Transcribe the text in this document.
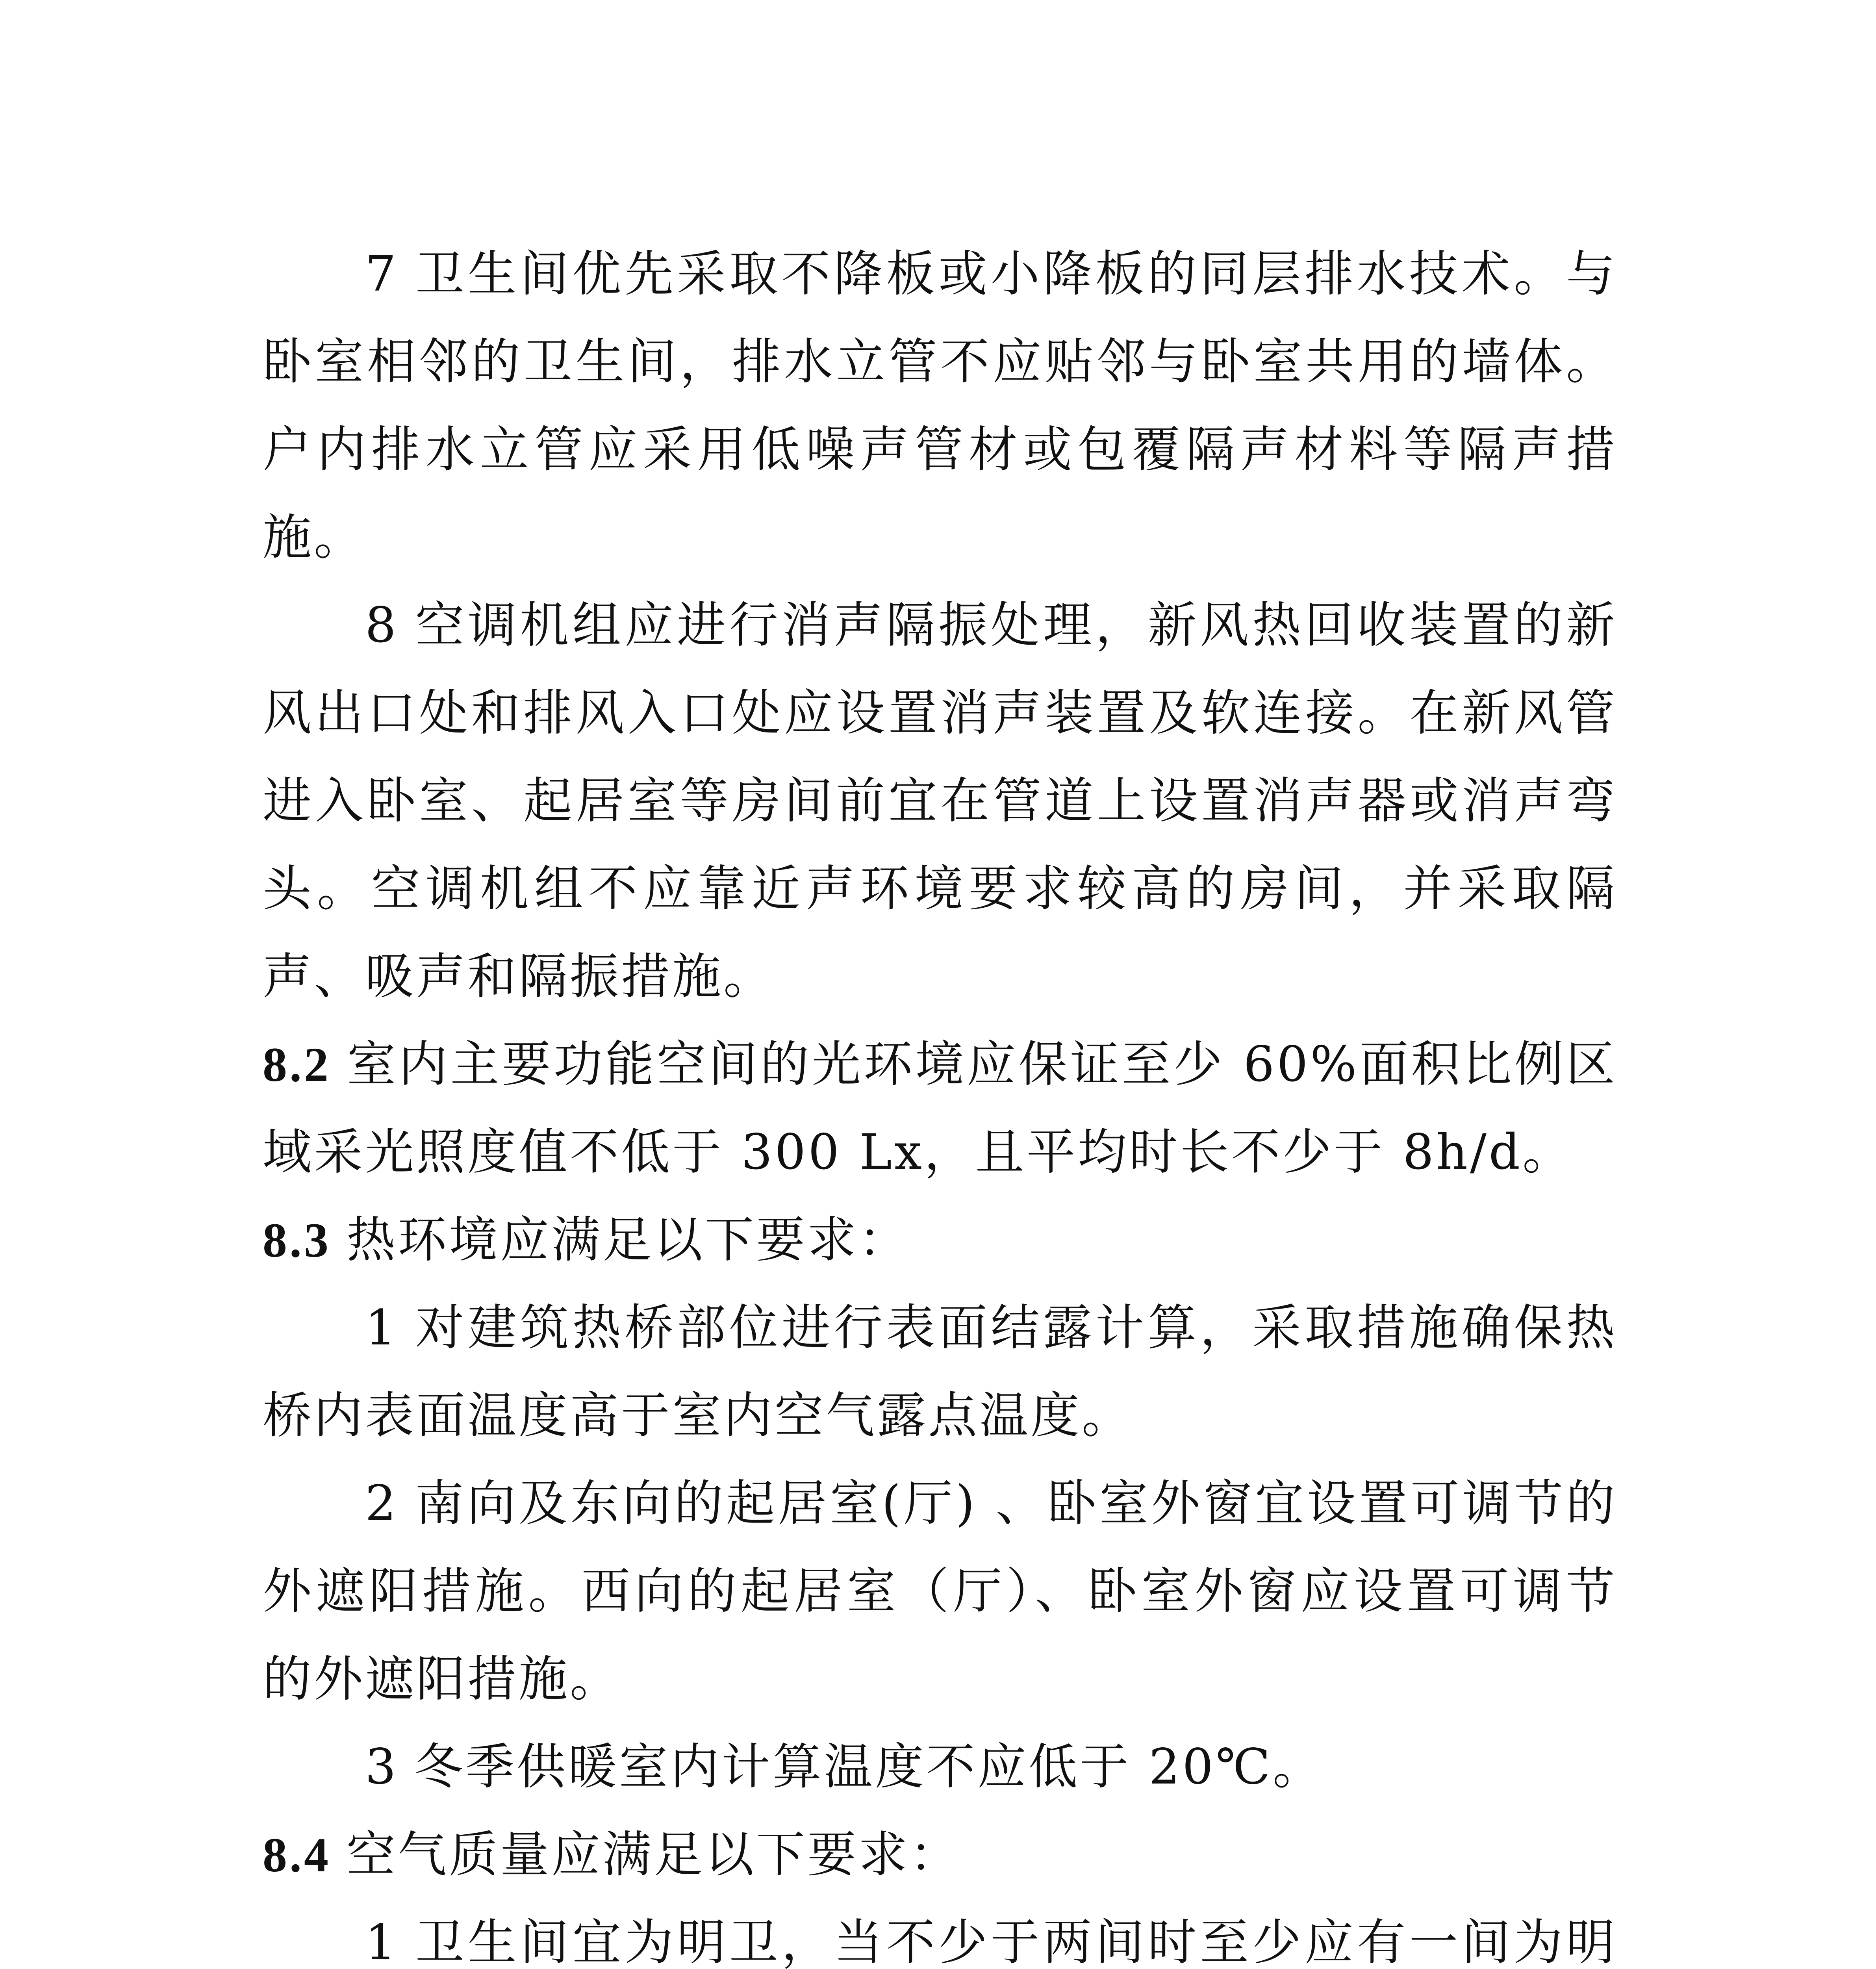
7 卫生间优先采取不降板或小降板的同层排水技术。与卧室相邻的卫生间，排水立管不应贴邻与卧室共用的墙体。户内排水立管应采用低噪声管材或包覆隔声材料等隔声措施。

8 空调机组应进行消声隔振处理，新风热回收装置的新风出口处和排风入口处应设置消声装置及软连接。在新风管进入卧室、起居室等房间前宜在管道上设置消声器或消声弯头。空调机组不应靠近声环境要求较高的房间，并采取隔声、吸声和隔振措施。

8.2 室内主要功能空间的光环境应保证至少 60%面积比例区域采光照度值不低于 300 Lx，且平均时长不少于 8h/d。

8.3 热环境应满足以下要求：

1 对建筑热桥部位进行表面结露计算，采取措施确保热桥内表面温度高于室内空气露点温度。

2 南向及东向的起居室(厅) 、卧室外窗宜设置可调节的外遮阳措施。西向的起居室（厅）、卧室外窗应设置可调节的外遮阳措施。

3 冬季供暖室内计算温度不应低于 20℃。

8.4 空气质量应满足以下要求：

1 卫生间宜为明卫，当不少于两间时至少应有一间为明
